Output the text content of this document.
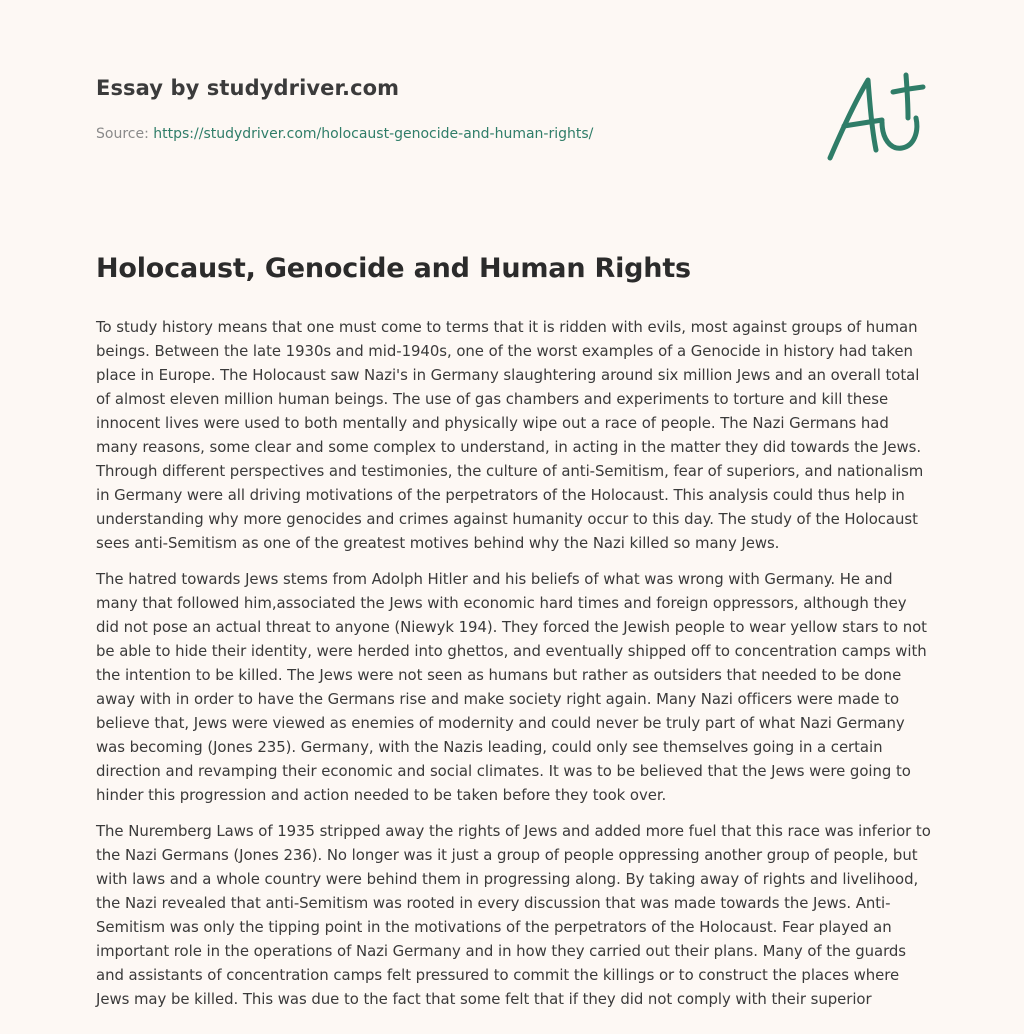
Essay by studydriver.com
Source: https://studydriver.com/holocaust-genocide-and-human-rights/
Holocaust, Genocide and Human Rights

To study history means that one must come to terms that it is ridden with evils, most against groups of human beings. Between the late 1930s and mid-1940s, one of the worst examples of a Genocide in history had taken place in Europe. The Holocaust saw Nazi's in Germany slaughtering around six million Jews and an overall total of almost eleven million human beings. The use of gas chambers and experiments to torture and kill these innocent lives were used to both mentally and physically wipe out a race of people. The Nazi Germans had many reasons, some clear and some complex to understand, in acting in the matter they did towards the Jews. Through different perspectives and testimonies, the culture of anti-Semitism, fear of superiors, and nationalism in Germany were all driving motivations of the perpetrators of the Holocaust. This analysis could thus help in understanding why more genocides and crimes against humanity occur to this day. The study of the Holocaust sees anti-Semitism as one of the greatest motives behind why the Nazi killed so many Jews.

The hatred towards Jews stems from Adolph Hitler and his beliefs of what was wrong with Germany. He and many that followed him,associated the Jews with economic hard times and foreign oppressors, although they did not pose an actual threat to anyone (Niewyk 194). They forced the Jewish people to wear yellow stars to not be able to hide their identity, were herded into ghettos, and eventually shipped off to concentration camps with the intention to be killed. The Jews were not seen as humans but rather as outsiders that needed to be done away with in order to have the Germans rise and make society right again. Many Nazi officers were made to believe that, Jews were viewed as enemies of modernity and could never be truly part of what Nazi Germany was becoming (Jones 235). Germany, with the Nazis leading, could only see themselves going in a certain direction and revamping their economic and social climates. It was to be believed that the Jews were going to hinder this progression and action needed to be taken before they took over.

The Nuremberg Laws of 1935 stripped away the rights of Jews and added more fuel that this race was inferior to the Nazi Germans (Jones 236). No longer was it just a group of people oppressing another group of people, but with laws and a whole country were behind them in progressing along. By taking away of rights and livelihood, the Nazi revealed that anti-Semitism was rooted in every discussion that was made towards the Jews. Anti-Semitism was only the tipping point in the motivations of the perpetrators of the Holocaust. Fear played an important role in the operations of Nazi Germany and in how they carried out their plans. Many of the guards and assistants of concentration camps felt pressured to commit the killings or to construct the places where Jews may be killed. This was due to the fact that some felt that if they did not comply with their superior
